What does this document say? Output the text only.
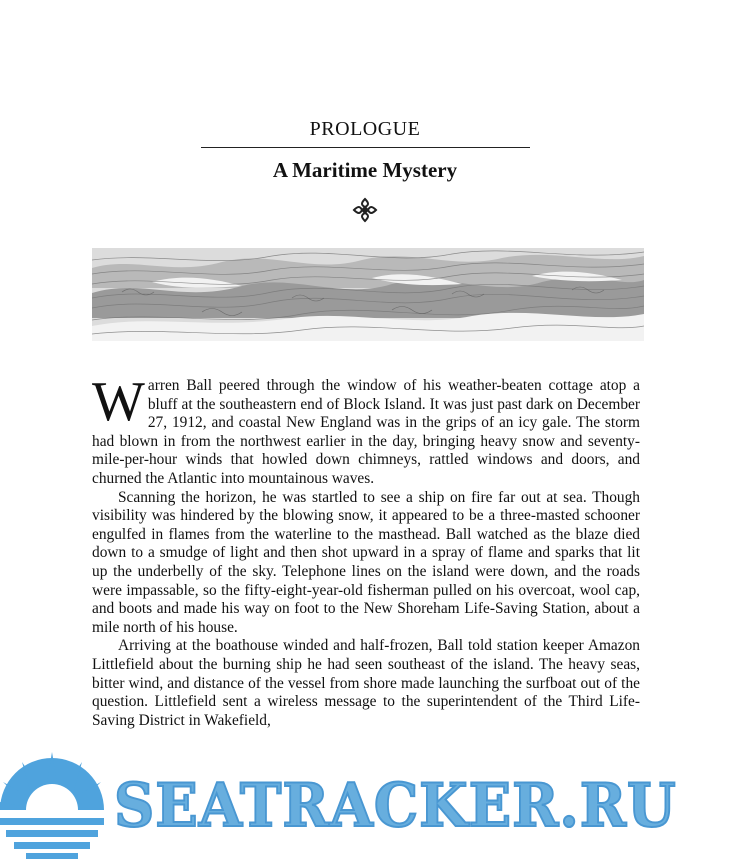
PROLOGUE
A Maritime Mystery

Warren Ball peered through the window of his weather-beaten cottage atop a bluff at the southeastern end of Block Island. It was just past dark on December 27, 1912, and coastal New England was in the grips of an icy gale. The storm had blown in from the northwest earlier in the day, bringing heavy snow and seventy-mile-per-hour winds that howled down chimneys, rattled windows and doors, and churned the Atlantic into mountainous waves.

Scanning the horizon, he was startled to see a ship on fire far out at sea. Though visibility was hindered by the blowing snow, it appeared to be a three-masted schooner engulfed in flames from the waterline to the masthead. Ball watched as the blaze died down to a smudge of light and then shot upward in a spray of flame and sparks that lit up the underbelly of the sky. Telephone lines on the island were down, and the roads were impassable, so the fifty-eight-year-old fisherman pulled on his overcoat, wool cap, and boots and made his way on foot to the New Shoreham Life-Saving Station, about a mile north of his house.

Arriving at the boathouse winded and half-frozen, Ball told station keeper Amazon Littlefield about the burning ship he had seen southeast of the island. The heavy seas, bitter wind, and distance of the vessel from shore made launching the surfboat out of the question. Littlefield sent a wireless message to the superintendent of the Third Life-Saving District in Wakefield,

SEATRACKER.RU
